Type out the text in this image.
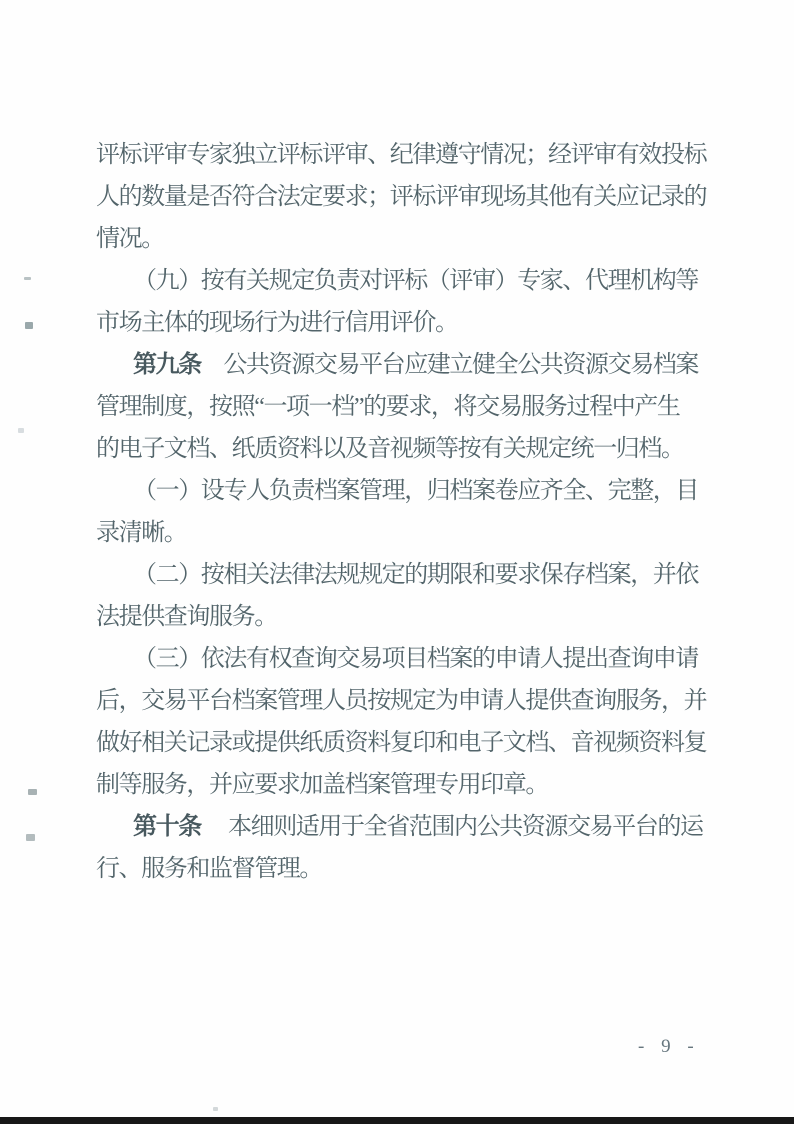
评标评审专家独立评标评审、纪律遵守情况；经评审有效投标
人的数量是否符合法定要求；评标评审现场其他有关应记录的
情况。
（九）按有关规定负责对评标（评审）专家、代理机构等
市场主体的现场行为进行信用评价。
第九条　公共资源交易平台应建立健全公共资源交易档案
管理制度，按照“一项一档”的要求，将交易服务过程中产生
的电子文档、纸质资料以及音视频等按有关规定统一归档。
（一）设专人负责档案管理，归档案卷应齐全、完整，目
录清晰。
（二）按相关法律法规规定的期限和要求保存档案，并依
法提供查询服务。
（三）依法有权查询交易项目档案的申请人提出查询申请
后，交易平台档案管理人员按规定为申请人提供查询服务，并
做好相关记录或提供纸质资料复印和电子文档、音视频资料复
制等服务，并应要求加盖档案管理专用印章。
第十条　 本细则适用于全省范围内公共资源交易平台的运
行、服务和监督管理。
- 9 -
